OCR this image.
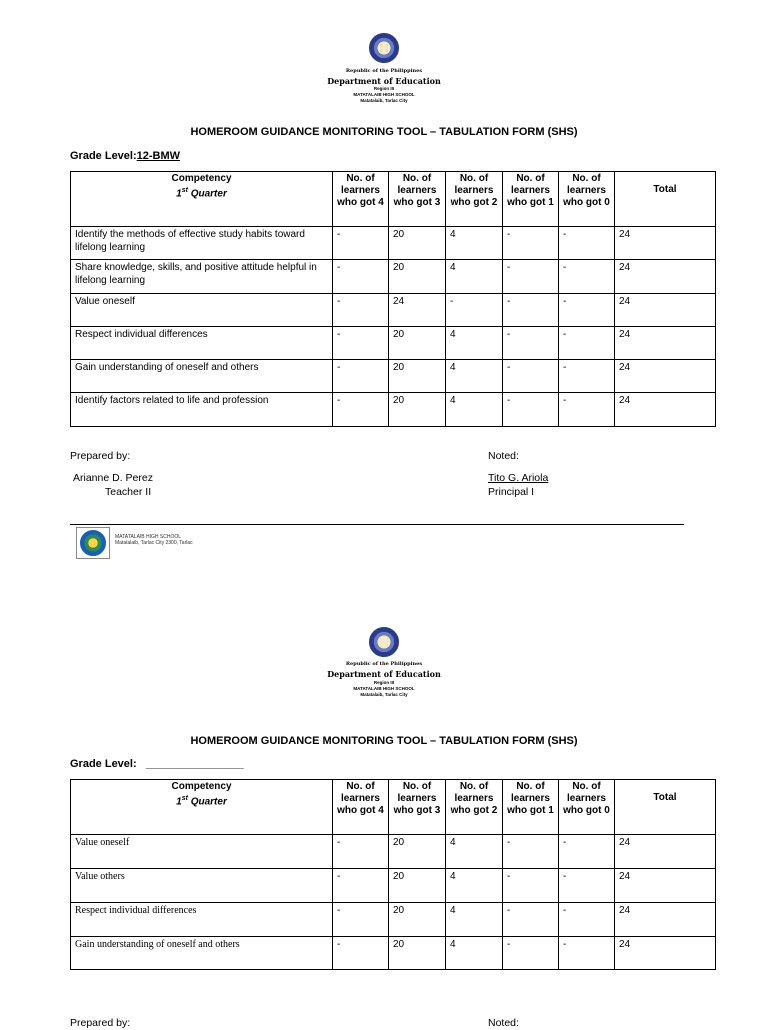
Republic of the Philippines
Department of Education
Region III
MATATALAIB HIGH SCHOOL
Matatalaib, Tarlac City
HOMEROOM GUIDANCE MONITORING TOOL – TABULATION FORM (SHS)
Grade Level:12-BMW
Competency
1st Quarter	No. of learners who got 4	No. of learners who got 3	No. of learners who got 2	No. of learners who got 1	No. of learners who got 0	Total
Identify the methods of effective study habits toward lifelong learning	-	20	4	-	-	24
Share knowledge, skills, and positive attitude helpful in lifelong learning	-	20	4	-	-	24
Value oneself	-	24	-	-	-	24
Respect individual differences	-	20	4	-	-	24
Gain understanding of oneself and others	-	20	4	-	-	24
Identify factors related to life and profession	-	20	4	-	-	24
Prepared by:
Arianne D. Perez
Teacher II
Noted:
Tito G. Ariola
Principal I
MATATALAIB HIGH SCHOOL
Matatalaib, Tarlac City 2300, Tarlac
Republic of the Philippines
Department of Education
Region III
MATATALAIB HIGH SCHOOL
Matatalaib, Tarlac City
HOMEROOM GUIDANCE MONITORING TOOL – TABULATION FORM (SHS)
Grade Level: ________________
Competency
1st Quarter	No. of learners who got 4	No. of learners who got 3	No. of learners who got 2	No. of learners who got 1	No. of learners who got 0	Total
Value oneself	-	20	4	-	-	24
Value others	-	20	4	-	-	24
Respect individual differences	-	20	4	-	-	24
Gain understanding of oneself and others	-	20	4	-	-	24
Prepared by:	Noted:
